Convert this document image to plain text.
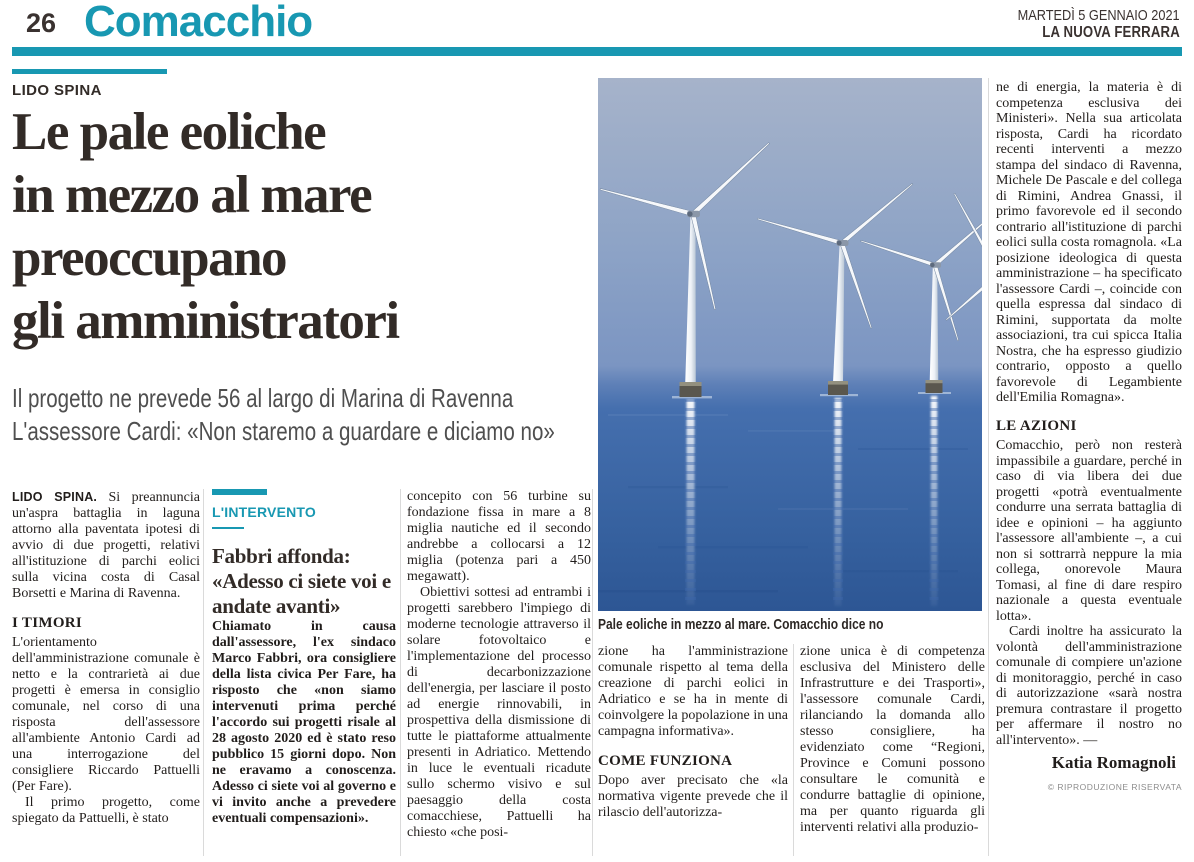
26 Comacchio	MARTEDÌ 5 GENNAIO 2021
LA NUOVA FERRARA
LIDO SPINA
Le pale eoliche
in mezzo al mare
preoccupano
gli amministratori
Il progetto ne prevede 56 al largo di Marina di Ravenna
L'assessore Cardi: «Non staremo a guardare e diciamo no»
Pale eoliche in mezzo al mare. Comacchio dice no

LIDO SPINA. Si preannuncia un'aspra battaglia in laguna attorno alla paventata ipotesi di avvio di due progetti, relativi all'istituzione di parchi eolici sulla vicina costa di Casal Borsetti e Marina di Ravenna.

I TIMORI

L'orientamento dell'amministrazione comunale è netto e la contrarietà ai due progetti è emersa in consiglio comunale, nel corso di una risposta dell'assessore all'ambiente Antonio Cardi ad una interrogazione del consigliere Riccardo Pattuelli (Per Fare).

Il primo progetto, come spiegato da Pattuelli, è stato

L'INTERVENTO
Fabbri affonda: «Adesso ci siete voi e andate avanti»

Chiamato in causa dall'assessore, l'ex sindaco Marco Fabbri, ora consigliere della lista civica Per Fare, ha risposto che «non siamo intervenuti prima perché l'accordo sui progetti risale al 28 agosto 2020 ed è stato reso pubblico 15 giorni dopo. Non ne eravamo a conoscenza. Adesso ci siete voi al governo e vi invito anche a prevedere eventuali compensazioni».

concepito con 56 turbine su fondazione fissa in mare a 8 miglia nautiche ed il secondo andrebbe a collocarsi a 12 miglia (potenza pari a 450 megawatt).

Obiettivi sottesi ad entrambi i progetti sarebbero l'impiego di moderne tecnologie attraverso il solare fotovoltaico e l'implementazione del processo di decarbonizzazione dell'energia, per lasciare il posto ad energie rinnovabili, in prospettiva della dismissione di tutte le piattaforme attualmente presenti in Adriatico. Mettendo in luce le eventuali ricadute sullo schermo visivo e sul paesaggio della costa comacchiese, Pattuelli ha chiesto «che posi-

zione ha l'amministrazione comunale rispetto al tema della creazione di parchi eolici in Adriatico e se ha in mente di coinvolgere la popolazione in una campagna informativa».

COME FUNZIONA

Dopo aver precisato che «la normativa vigente prevede che il rilascio dell'autorizza-

zione unica è di competenza esclusiva del Ministero delle Infrastrutture e dei Trasporti», l'assessore comunale Cardi, rilanciando la domanda allo stesso consigliere, ha evidenziato come “Regioni, Province e Comuni possono consultare le comunità e condurre battaglie di opinione, ma per quanto riguarda gli interventi relativi alla produzio-

ne di energia, la materia è di competenza esclusiva dei Ministeri». Nella sua articolata risposta, Cardi ha ricordato recenti interventi a mezzo stampa del sindaco di Ravenna, Michele De Pascale e del collega di Rimini, Andrea Gnassi, il primo favorevole ed il secondo contrario all'istituzione di parchi eolici sulla costa romagnola. «La posizione ideologica di questa amministrazione – ha specificato l'assessore Cardi –, coincide con quella espressa dal sindaco di Rimini, supportata da molte associazioni, tra cui spicca Italia Nostra, che ha espresso giudizio contrario, opposto a quello favorevole di Legambiente dell'Emilia Romagna».

LE AZIONI

Comacchio, però non resterà impassibile a guardare, perché in caso di via libera dei due progetti «potrà eventualmente condurre una serrata battaglia di idee e opinioni – ha aggiunto l'assessore all'ambiente –, a cui non si sottrarrà neppure la mia collega, onorevole Maura Tomasi, al fine di dare respiro nazionale a questa eventuale lotta».

Cardi inoltre ha assicurato la volontà dell'amministrazione comunale di compiere un'azione di monitoraggio, perché in caso di autorizzazione «sarà nostra premura contrastare il progetto per affermare il nostro no all'intervento». —

Katia Romagnoli
© RIPRODUZIONE RISERVATA
